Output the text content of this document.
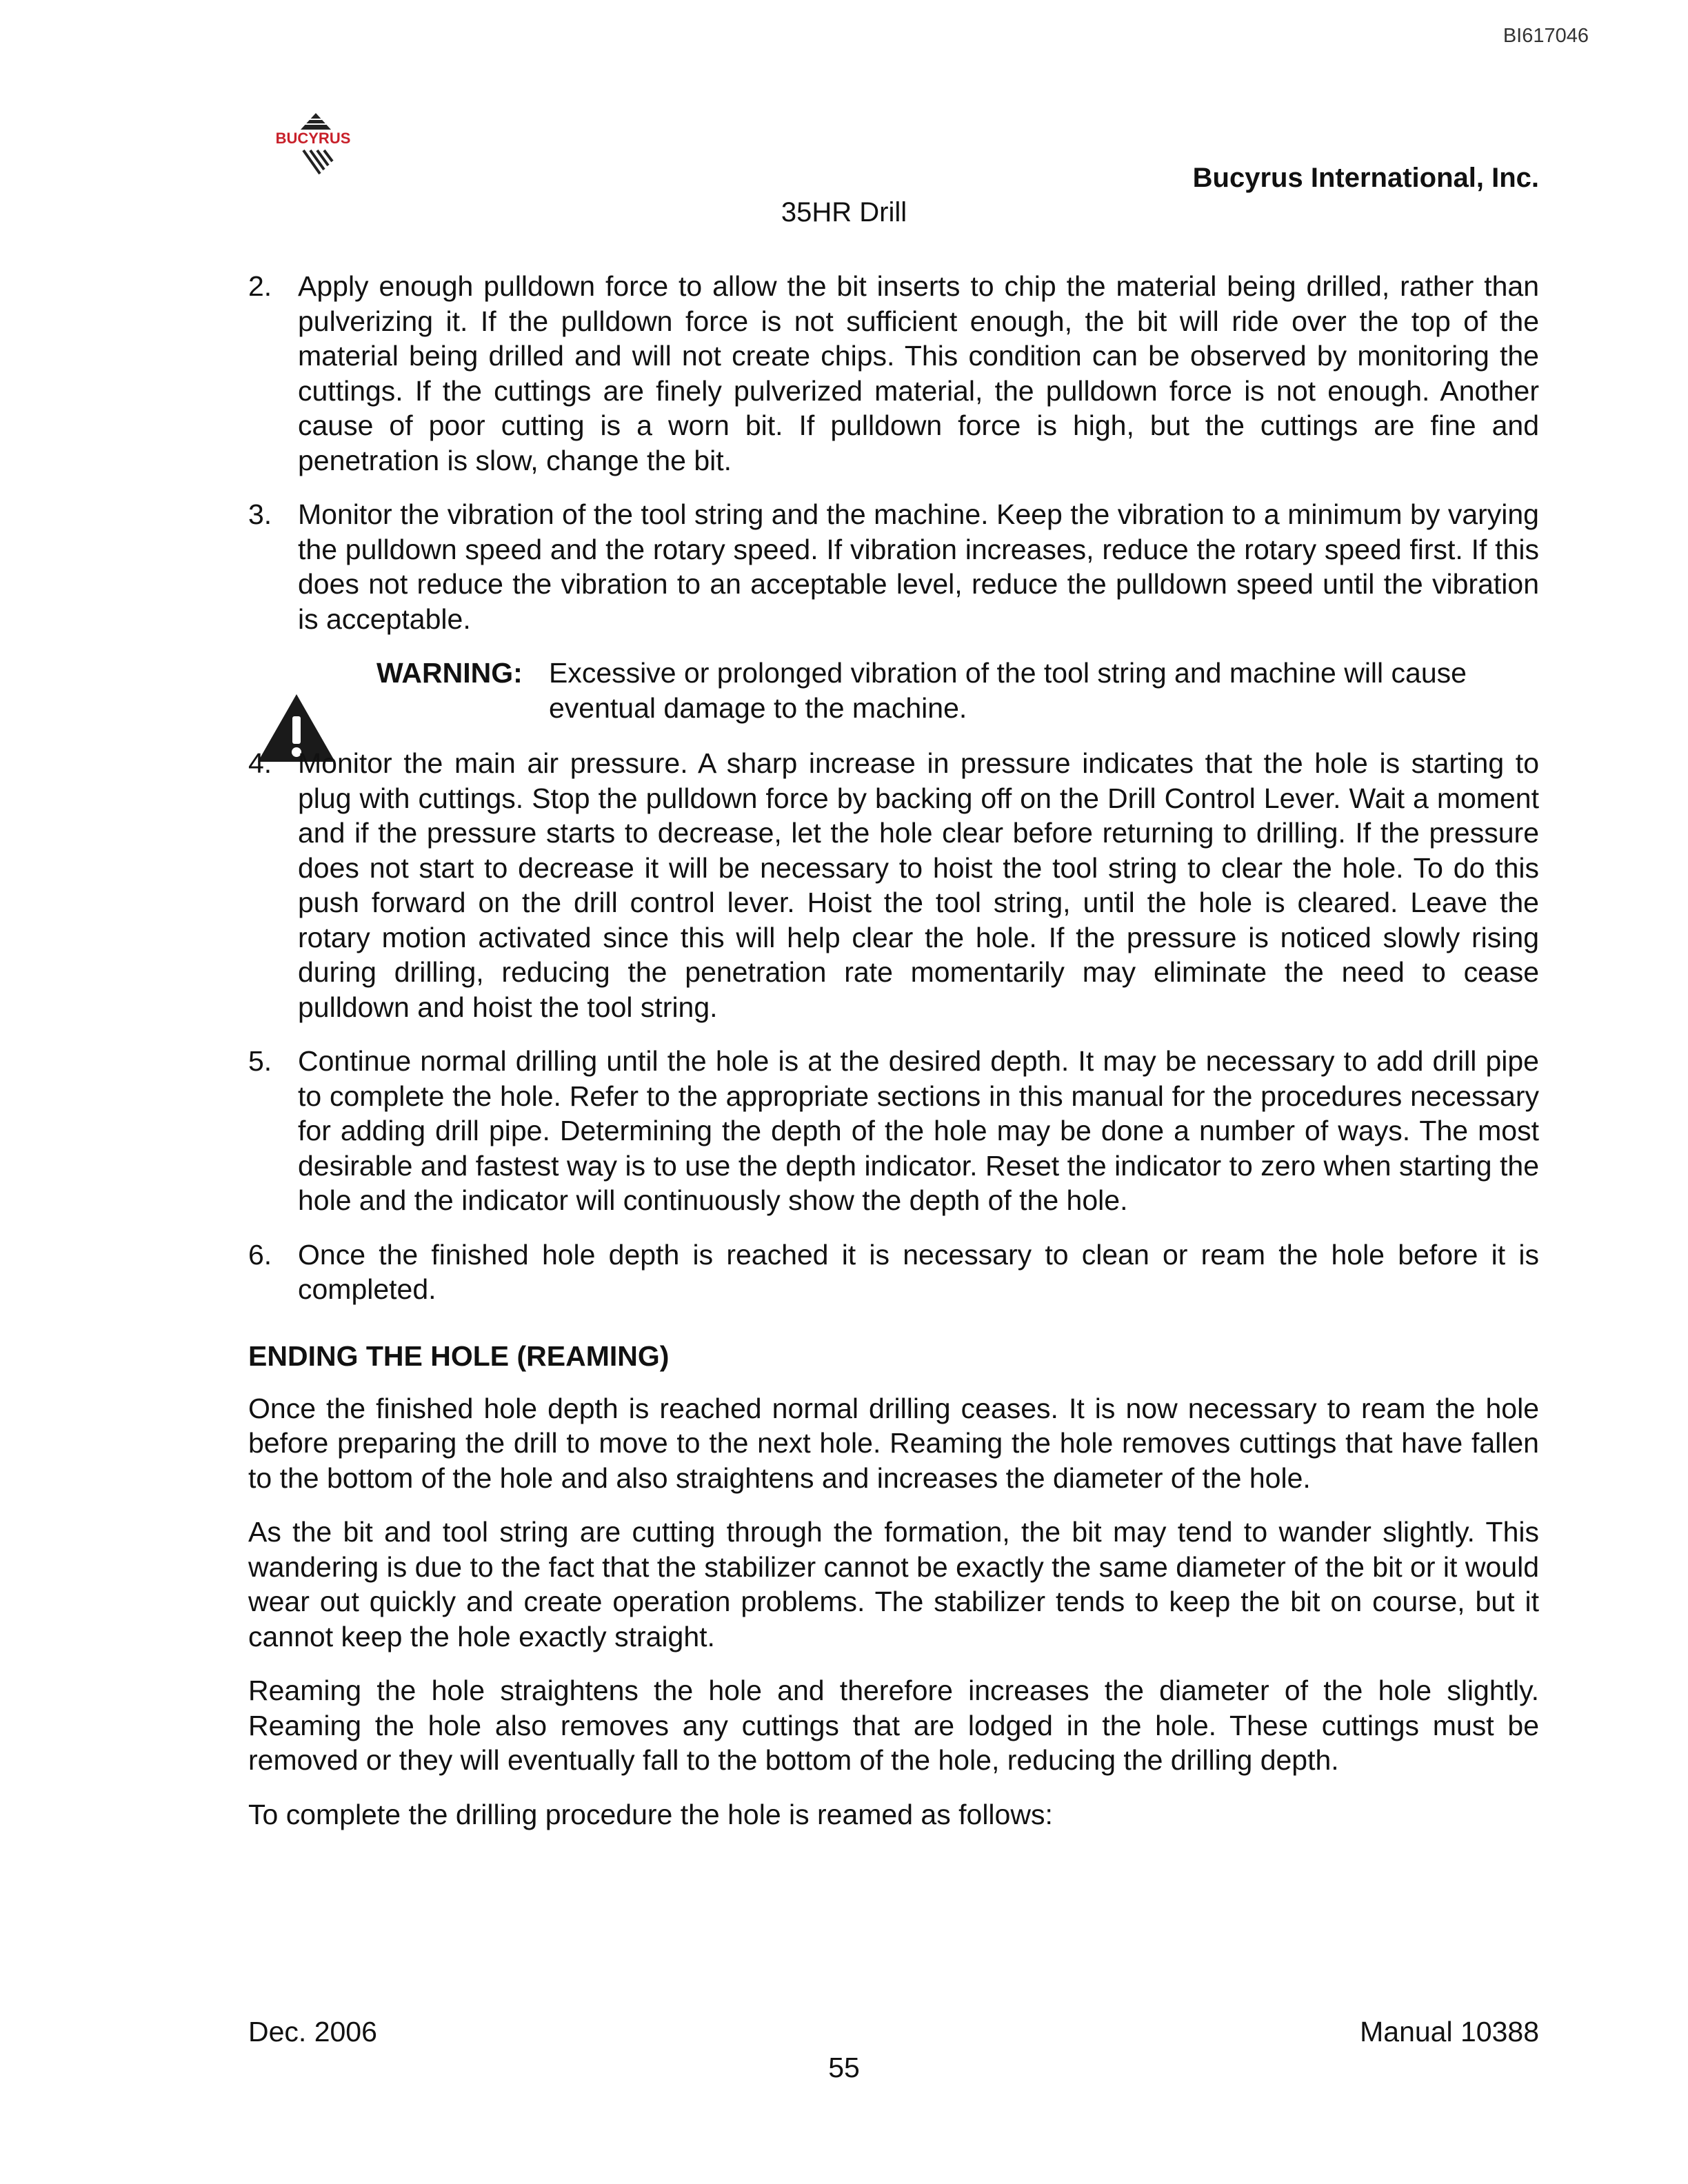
BI617046
BUCYRUS
Bucyrus International, Inc.
35HR Drill
2. Apply enough pulldown force to allow the bit inserts to chip the material being drilled, rather than pulverizing it. If the pulldown force is not sufficient enough, the bit will ride over the top of the material being drilled and will not create chips. This condition can be observed by monitoring the cuttings. If the cuttings are finely pulverized material, the pulldown force is not enough. Another cause of poor cutting is a worn bit. If pulldown force is high, but the cuttings are fine and penetration is slow, change the bit.
3. Monitor the vibration of the tool string and the machine. Keep the vibration to a minimum by varying the pulldown speed and the rotary speed. If vibration increases, reduce the rotary speed first. If this does not reduce the vibration to an acceptable level, reduce the pulldown speed until the vibration is acceptable.
WARNING: Excessive or prolonged vibration of the tool string and machine will cause eventual damage to the machine.
4. Monitor the main air pressure. A sharp increase in pressure indicates that the hole is starting to plug with cuttings. Stop the pulldown force by backing off on the Drill Control Lever. Wait a moment and if the pressure starts to decrease, let the hole clear before returning to drilling. If the pressure does not start to decrease it will be necessary to hoist the tool string to clear the hole. To do this push forward on the drill control lever. Hoist the tool string, until the hole is cleared. Leave the rotary motion activated since this will help clear the hole. If the pressure is noticed slowly rising during drilling, reducing the penetration rate momentarily may eliminate the need to cease pulldown and hoist the tool string.
5. Continue normal drilling until the hole is at the desired depth. It may be necessary to add drill pipe to complete the hole. Refer to the appropriate sections in this manual for the procedures necessary for adding drill pipe. Determining the depth of the hole may be done a number of ways. The most desirable and fastest way is to use the depth indicator. Reset the indicator to zero when starting the hole and the indicator will continuously show the depth of the hole.
6. Once the finished hole depth is reached it is necessary to clean or ream the hole before it is completed.
ENDING THE HOLE (REAMING)

Once the finished hole depth is reached normal drilling ceases. It is now necessary to ream the hole before preparing the drill to move to the next hole. Reaming the hole removes cuttings that have fallen to the bottom of the hole and also straightens and increases the diameter of the hole.

As the bit and tool string are cutting through the formation, the bit may tend to wander slightly. This wandering is due to the fact that the stabilizer cannot be exactly the same diameter of the bit or it would wear out quickly and create operation problems. The stabilizer tends to keep the bit on course, but it cannot keep the hole exactly straight.

Reaming the hole straightens the hole and therefore increases the diameter of the hole slightly. Reaming the hole also removes any cuttings that are lodged in the hole. These cuttings must be removed or they will eventually fall to the bottom of the hole, reducing the drilling depth.

To complete the drilling procedure the hole is reamed as follows:

Dec. 2006	Manual 10388
55
